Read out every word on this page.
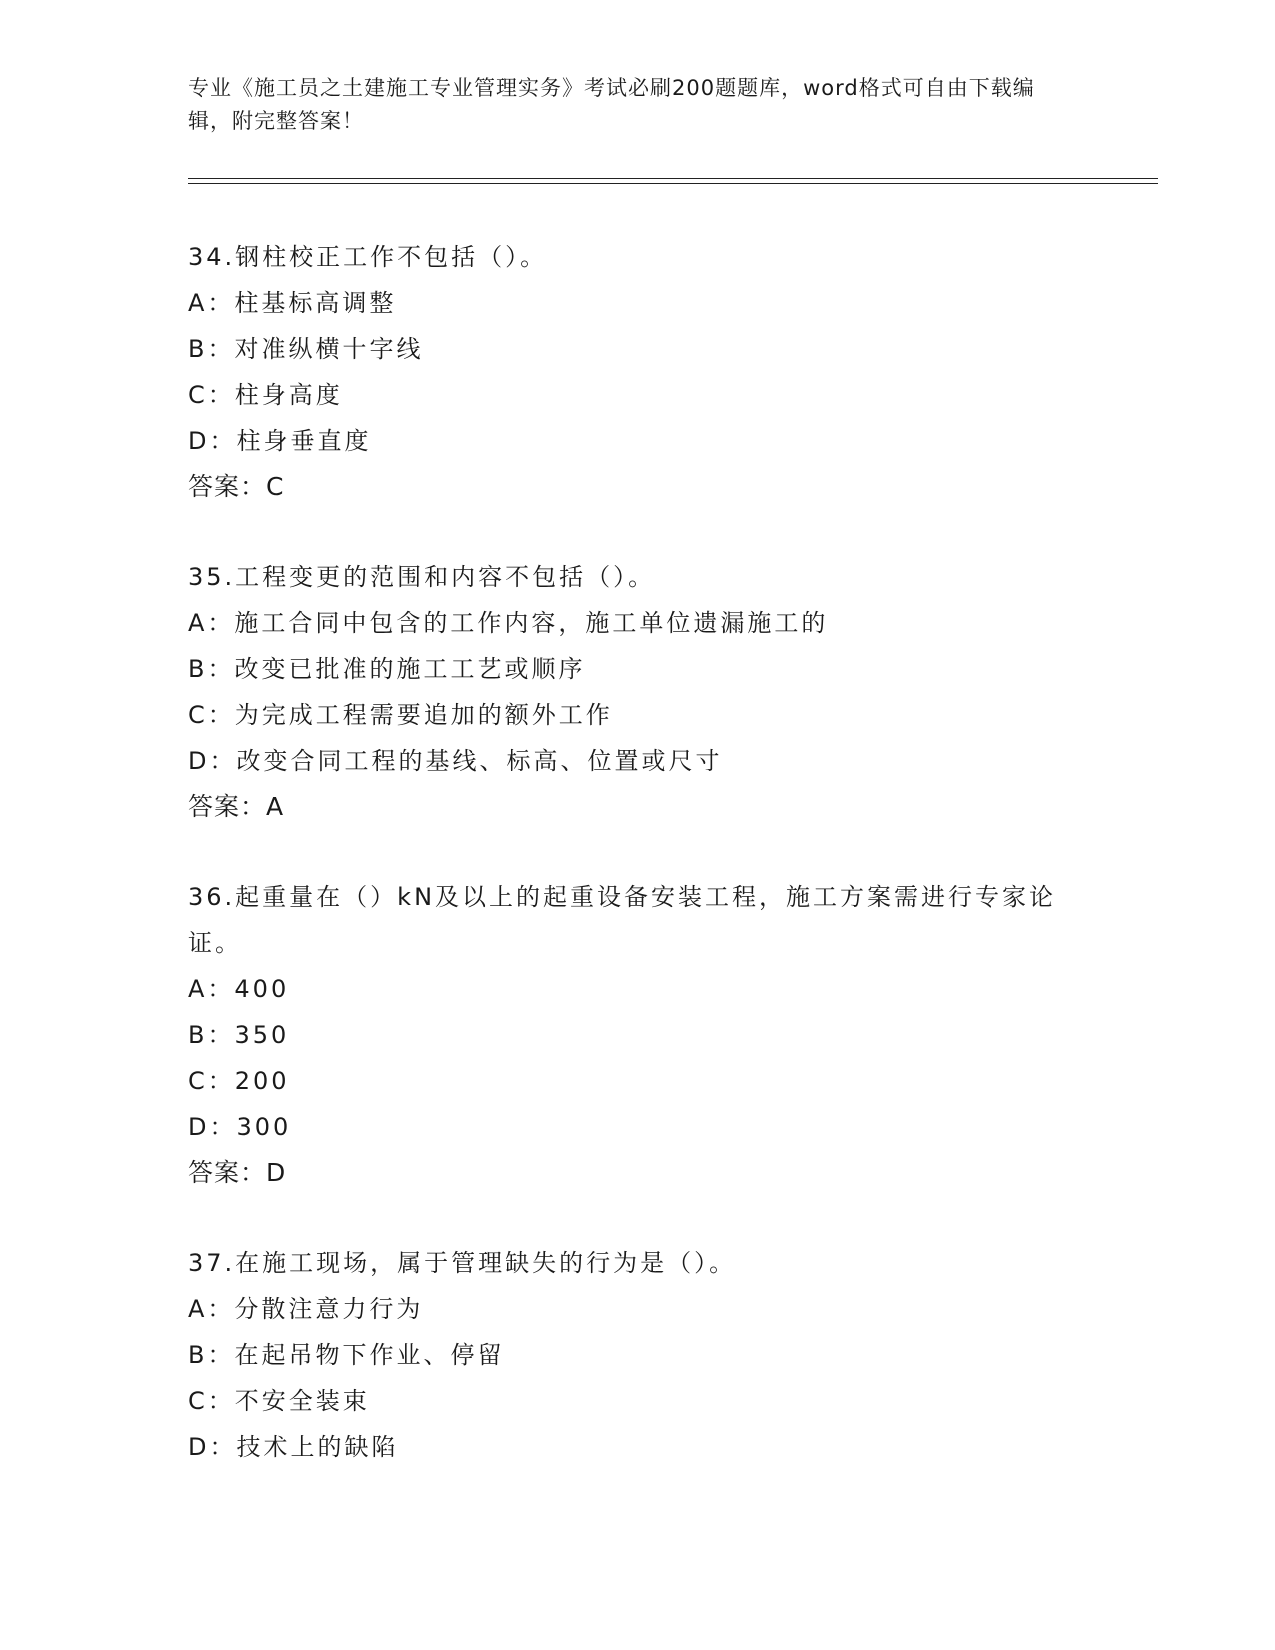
专业《施工员之土建施工专业管理实务》考试必刷200题题库，word格式可自由下载编辑，附完整答案！

34.钢柱校正工作不包括（）。

A：柱基标高调整

B：对准纵横十字线

C：柱身高度

D：柱身垂直度

答案：C

35.工程变更的范围和内容不包括（）。

A：施工合同中包含的工作内容，施工单位遗漏施工的

B：改变已批准的施工工艺或顺序

C：为完成工程需要追加的额外工作

D：改变合同工程的基线、标高、位置或尺寸

答案：A

36.起重量在（）kN及以上的起重设备安装工程，施工方案需进行专家论证。

A：400

B：350

C：200

D：300

答案：D

37.在施工现场，属于管理缺失的行为是（）。

A：分散注意力行为

B：在起吊物下作业、停留

C：不安全装束

D：技术上的缺陷
